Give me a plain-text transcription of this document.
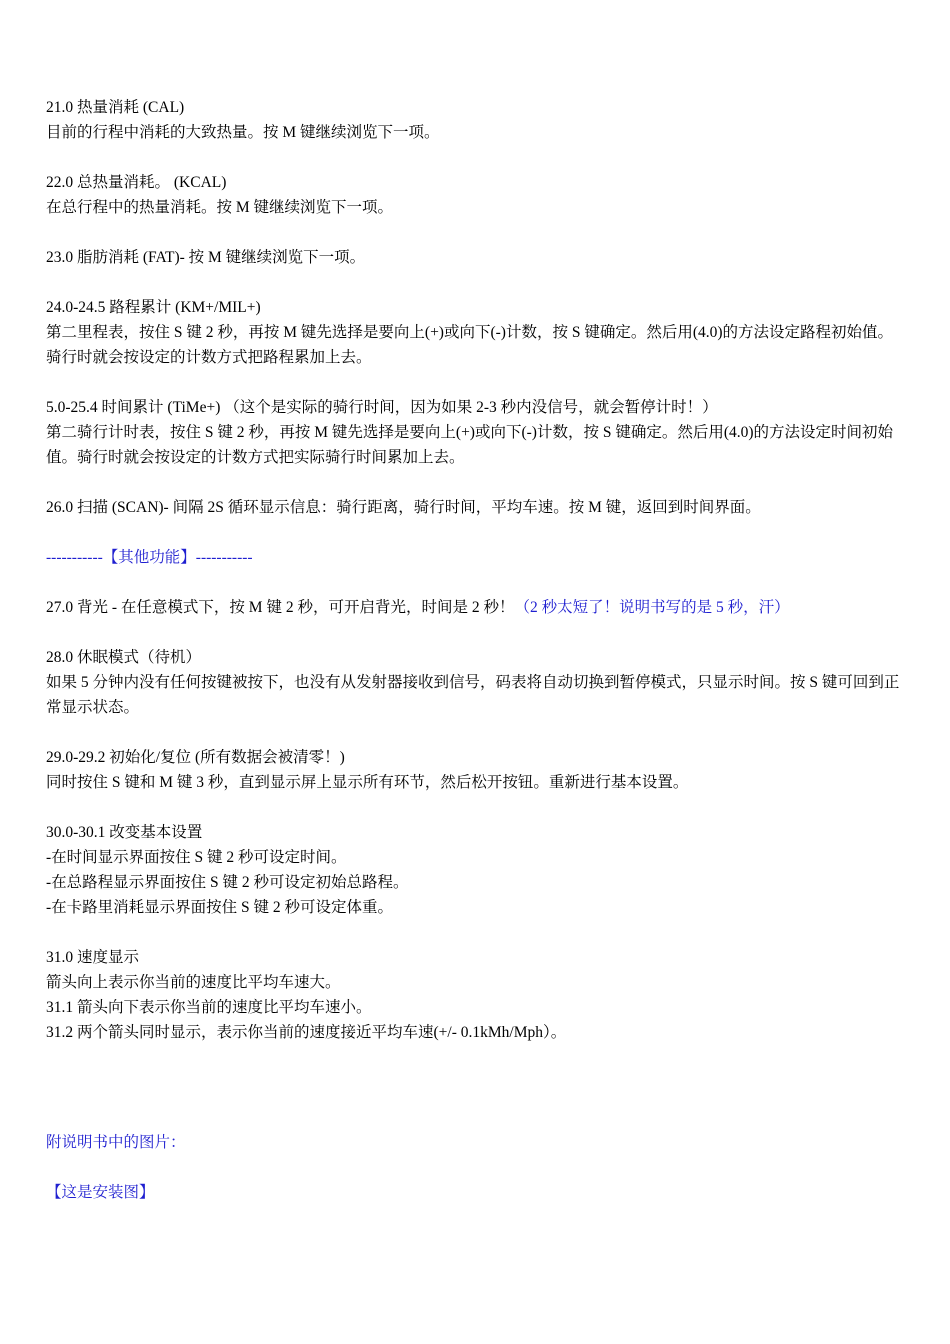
21.0 热量消耗 (CAL)
目前的行程中消耗的大致热量。按 M 键继续浏览下一项。
22.0 总热量消耗。 (KCAL)
在总行程中的热量消耗。按 M 键继续浏览下一项。
23.0 脂肪消耗 (FAT)- 按 M 键继续浏览下一项。
24.0-24.5 路程累计 (KM+/MIL+)
第二里程表，按住 S 键 2 秒，再按 M 键先选择是要向上(+)或向下(-)计数，按 S 键确定。然后用(4.0)的方法设定路程初始值。骑行时就会按设定的计数方式把路程累加上去。
5.0-25.4 时间累计 (TiMe+) （这个是实际的骑行时间，因为如果 2-3 秒内没信号，就会暂停计时！）
第二骑行计时表，按住 S 键 2 秒，再按 M 键先选择是要向上(+)或向下(-)计数，按 S 键确定。然后用(4.0)的方法设定时间初始值。骑行时就会按设定的计数方式把实际骑行时间累加上去。
26.0 扫描 (SCAN)- 间隔 2S 循环显示信息：骑行距离，骑行时间，平均车速。按 M 键，返回到时间界面。
-----------【其他功能】-----------
27.0 背光 - 在任意模式下，按 M 键 2 秒，可开启背光，时间是 2 秒！（2 秒太短了！说明书写的是 5 秒，汗）
28.0 休眠模式（待机）
如果 5 分钟内没有任何按键被按下，也没有从发射器接收到信号，码表将自动切换到暂停模式，只显示时间。按 S 键可回到正常显示状态。
29.0-29.2 初始化/复位 (所有数据会被清零！)
同时按住 S 键和 M 键 3 秒，直到显示屏上显示所有环节，然后松开按钮。重新进行基本设置。
30.0-30.1 改变基本设置
-在时间显示界面按住 S 键 2 秒可设定时间。
-在总路程显示界面按住 S 键 2 秒可设定初始总路程。
-在卡路里消耗显示界面按住 S 键 2 秒可设定体重。
31.0 速度显示
箭头向上表示你当前的速度比平均车速大。
31.1 箭头向下表示你当前的速度比平均车速小。
31.2 两个箭头同时显示，表示你当前的速度接近平均车速(+/- 0.1kMh/Mph）。
附说明书中的图片：
【这是安装图】
